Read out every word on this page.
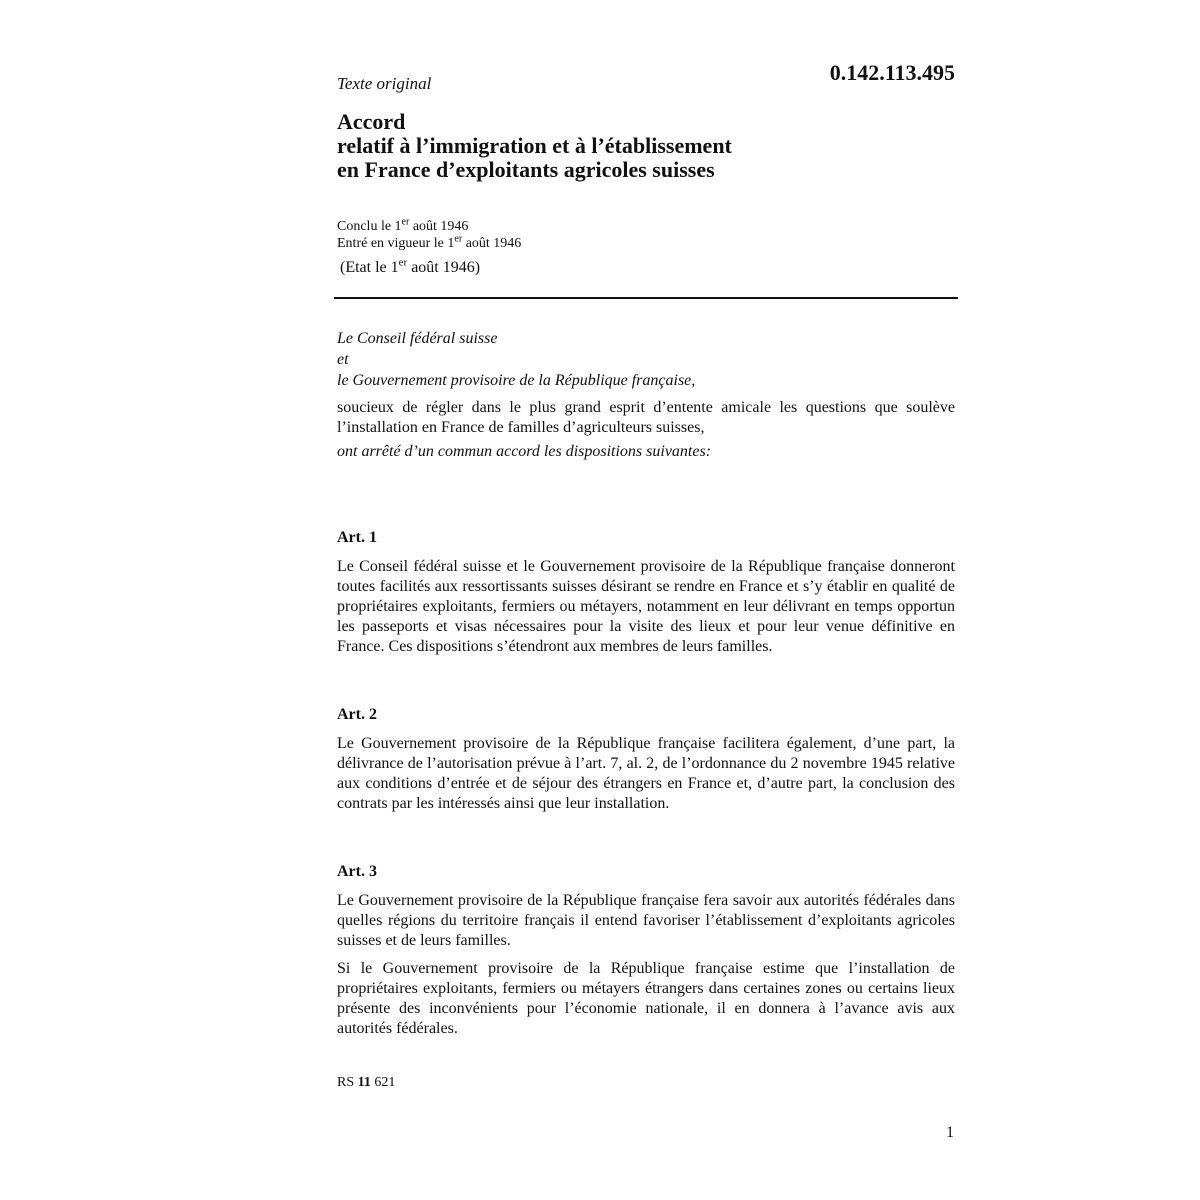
Texte original	0.142.113.495
Accord
relatif à l’immigration et à l’établissement
en France d’exploitants agricoles suisses
Conclu le 1er août 1946
Entré en vigueur le 1er août 1946
(Etat le 1er août 1946)
Le Conseil fédéral suisse
et
le Gouvernement provisoire de la République française,
soucieux de régler dans le plus grand esprit d’entente amicale les questions que soulève l’installation en France de familles d’agriculteurs suisses,
ont arrêté d’un commun accord les dispositions suivantes:
Art. 1

Le Conseil fédéral suisse et le Gouvernement provisoire de la République française donneront toutes facilités aux ressortissants suisses désirant se rendre en France et s’y établir en qualité de propriétaires exploitants, fermiers ou métayers, notamment en leur délivrant en temps opportun les passeports et visas nécessaires pour la visite des lieux et pour leur venue définitive en France. Ces dispositions s’étendront aux membres de leurs familles.

Art. 2

Le Gouvernement provisoire de la République française facilitera également, d’une part, la délivrance de l’autorisation prévue à l’art. 7, al. 2, de l’ordonnance du 2 novembre 1945 relative aux conditions d’entrée et de séjour des étrangers en France et, d’autre part, la conclusion des contrats par les intéressés ainsi que leur installation.

Art. 3

Le Gouvernement provisoire de la République française fera savoir aux autorités fédérales dans quelles régions du territoire français il entend favoriser l’établissement d’exploitants agricoles suisses et de leurs familles.

Si le Gouvernement provisoire de la République française estime que l’installation de propriétaires exploitants, fermiers ou métayers étrangers dans certaines zones ou certains lieux présente des inconvénients pour l’économie nationale, il en donnera à l’avance avis aux autorités fédérales.

RS 11 621
1
